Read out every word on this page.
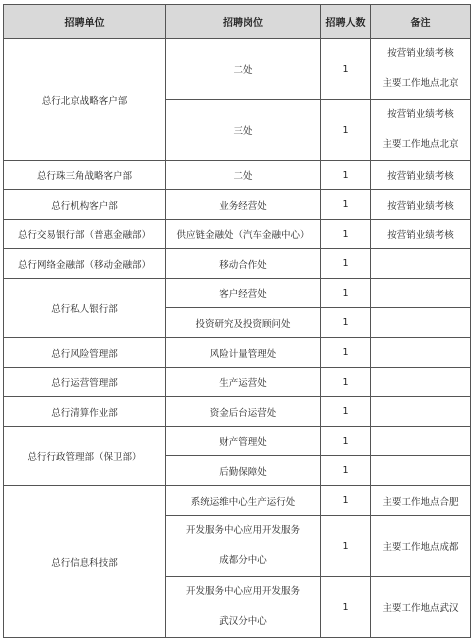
招聘单位	招聘岗位	招聘人数	备注
总行北京战略客户部	二处	1	按营销业绩考核
主要工作地点北京

	三处	1	按营销业绩考核
主要工作地点北京

总行珠三角战略客户部	二处	1	按营销业绩考核
总行机构客户部	业务经营处	1	按营销业绩考核
总行交易银行部（普惠金融部）	供应链金融处（汽车金融中心）	1	按营销业绩考核
总行网络金融部（移动金融部）	移动合作处	1	
总行私人银行部	客户经营处	1	
	投资研究及投资顾问处	1	
总行风险管理部	风险计量管理处	1	
总行运营管理部	生产运营处	1	
总行清算作业部	资金后台运营处	1	
总行行政管理部（保卫部）	财产管理处	1	
	后勤保障处	1	
总行信息科技部	系统运维中心生产运行处	1	主要工作地点合肥

	开发服务中心应用开发服务
成都分中心	1	主要工作地点成都

	开发服务中心应用开发服务
武汉分中心	1	主要工作地点武汉
